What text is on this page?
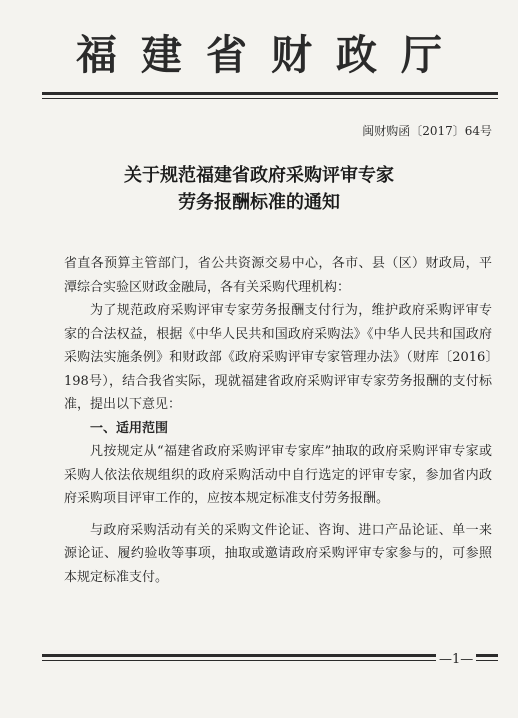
福建省财政厅
闽财购函〔2017〕64号
关于规范福建省政府采购评审专家
劳务报酬标准的通知

省直各预算主管部门，省公共资源交易中心，各市、县（区）财政局，平潭综合实验区财政金融局，各有关采购代理机构：

为了规范政府采购评审专家劳务报酬支付行为，维护政府采购评审专家的合法权益，根据《中华人民共和国政府采购法》《中华人民共和国政府采购法实施条例》和财政部《政府采购评审专家管理办法》（财库〔2016〕198号），结合我省实际，现就福建省政府采购评审专家劳务报酬的支付标准，提出以下意见：

一、适用范围

凡按规定从“福建省政府采购评审专家库”抽取的政府采购评审专家或采购人依法依规组织的政府采购活动中自行选定的评审专家，参加省内政府采购项目评审工作的，应按本规定标准支付劳务报酬。

与政府采购活动有关的采购文件论证、咨询、进口产品论证、单一来源论证、履约验收等事项，抽取或邀请政府采购评审专家参与的，可参照本规定标准支付。

—1—
